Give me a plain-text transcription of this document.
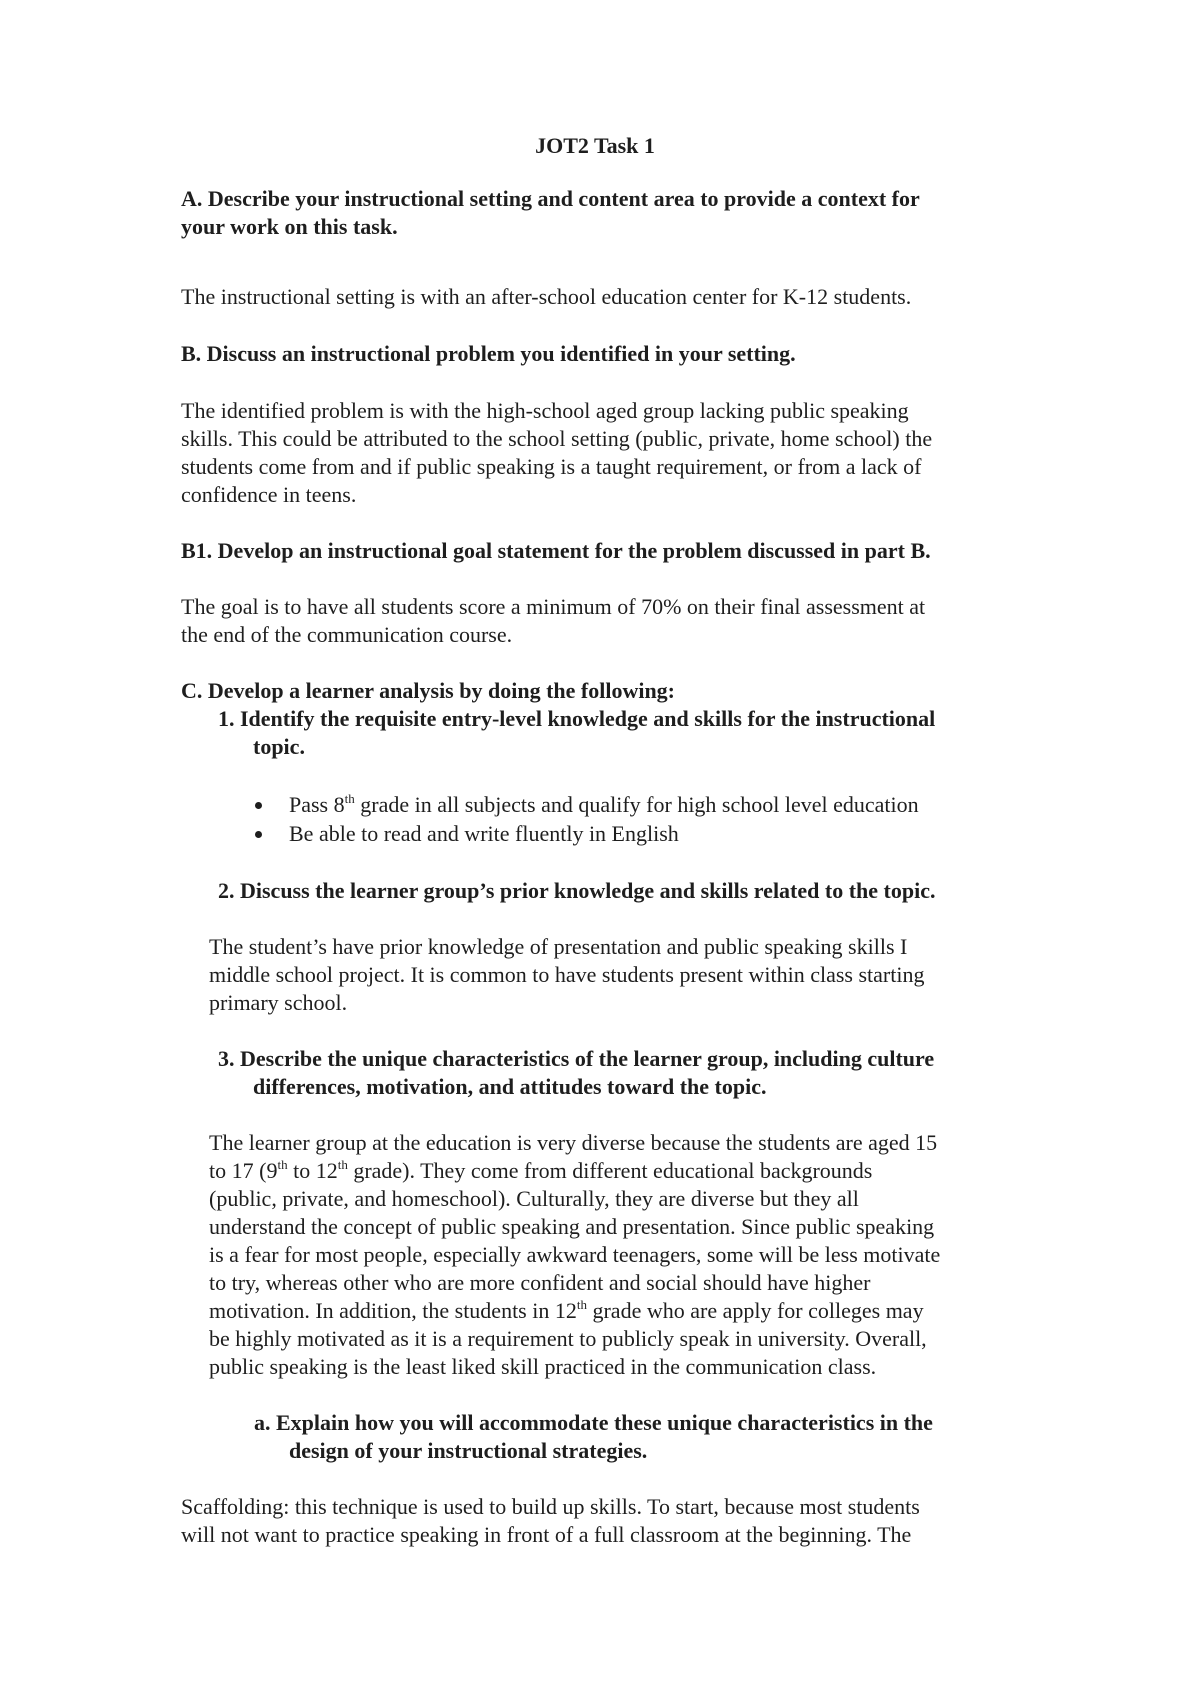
JOT2 Task 1

A. Describe your instructional setting and content area to provide a context for

your work on this task.

The instructional setting is with an after-school education center for K-12 students.

B. Discuss an instructional problem you identified in your setting.

The identified problem is with the high-school aged group lacking public speaking

skills. This could be attributed to the school setting (public, private, home school) the

students come from and if public speaking is a taught requirement, or from a lack of

confidence in teens.

B1. Develop an instructional goal statement for the problem discussed in part B.

The goal is to have all students score a minimum of 70% on their final assessment at

the end of the communication course.

C. Develop a learner analysis by doing the following:

1. Identify the requisite entry-level knowledge and skills for the instructional

topic.

Pass 8th grade in all subjects and qualify for high school level education

Be able to read and write fluently in English

2. Discuss the learner group’s prior knowledge and skills related to the topic.

The student’s have prior knowledge of presentation and public speaking skills I

middle school project. It is common to have students present within class starting

primary school.

3. Describe the unique characteristics of the learner group, including culture

differences, motivation, and attitudes toward the topic.

The learner group at the education is very diverse because the students are aged 15

to 17 (9th to 12th grade). They come from different educational backgrounds

(public, private, and homeschool). Culturally, they are diverse but they all

understand the concept of public speaking and presentation. Since public speaking

is a fear for most people, especially awkward teenagers, some will be less motivate

to try, whereas other who are more confident and social should have higher

motivation. In addition, the students in 12th grade who are apply for colleges may

be highly motivated as it is a requirement to publicly speak in university. Overall,

public speaking is the least liked skill practiced in the communication class.

a. Explain how you will accommodate these unique characteristics in the

design of your instructional strategies.

Scaffolding: this technique is used to build up skills. To start, because most students

will not want to practice speaking in front of a full classroom at the beginning. The
